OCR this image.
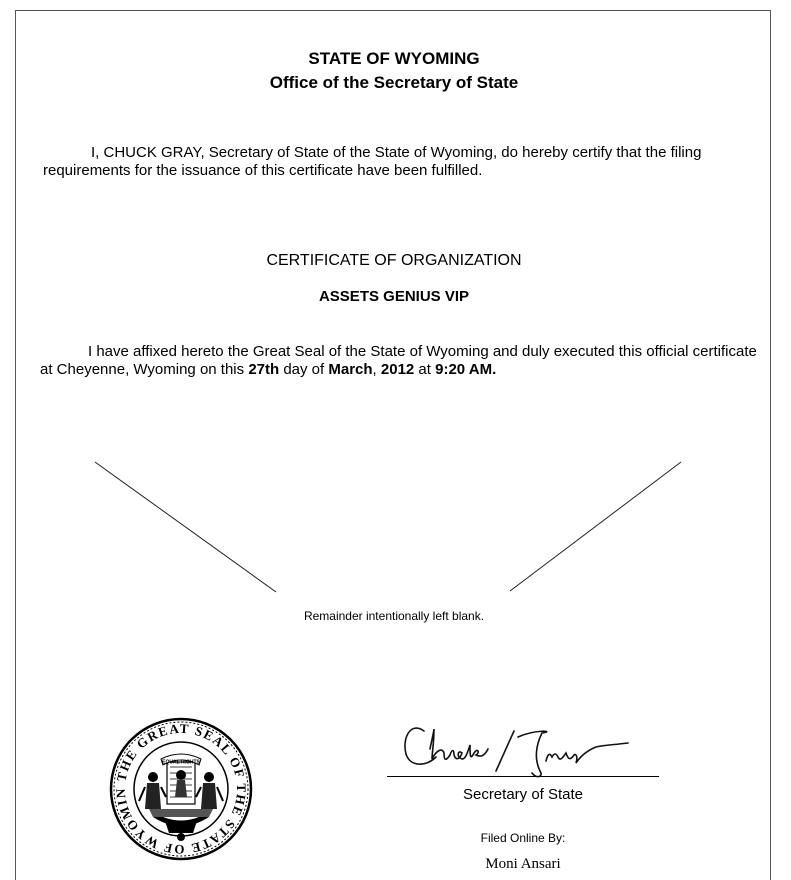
STATE OF WYOMING
Office of the Secretary of State
I, CHUCK GRAY, Secretary of State of the State of Wyoming, do hereby certify that the filing requirements for the issuance of this certificate have been fulfilled.
CERTIFICATE OF ORGANIZATION
ASSETS GENIUS VIP
I have affixed hereto the Great Seal of the State of Wyoming and duly executed this official certificate at Cheyenne, Wyoming on this 27th day of March, 2012 at 9:20 AM.
Remainder intentionally left blank.
THE GREAT SEAL OF THE STATE OF WYOMIN
EQUAL RIGHTS
Secretary of State
Filed Online By:
Moni Ansari
